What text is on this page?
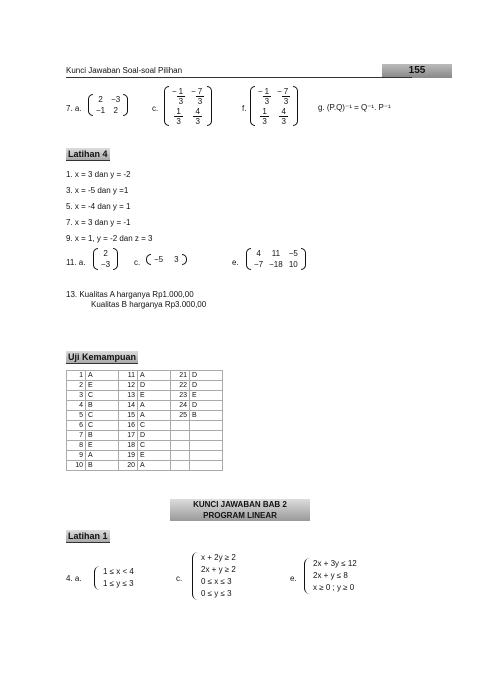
Kunci Jawaban Soal-soal Pilihan	155
7. a.
2	−3
−1	2	c.
− $\frac{1}{3}$	− $\frac{7}{3}$

$\frac{1}{3}$	$\frac{4}{3}$	f.
− $\frac{1}{3}$	− $\frac{7}{3}$

$\frac{1}{3}$	$\frac{4}{3}$	g. (P.Q)⁻¹ = Q⁻¹. P⁻¹
Latihan 4
1. x = 3 dan y = -2
3. x = -5 dan y =1
5. x = -4 dan y = 1
7. x = 3 dan y = -1
9. x = 1, y = -2 dan z = 3
11. a.
2
−3	c. −5	3	e.
4	11	−5
−7	−18	10
13. Kualitas A harganya Rp1.000,00
Kualitas B harganya Rp3.000,00
Uji Kemampuan
1	A	11	A	21	D
2	E	12	D	22	D
3	C	13	E	23	E
4	B	14	A	24	D
5	C	15	A	25	B
6	C	16	C		
7	B	17	D		
8	E	18	C		
9	A	19	E		
10	B	20	A		
KUNCI JAWABAN BAB 2
PROGRAM LINEAR
Latihan 1
4. a.
1 ≤ x < 4
1 ≤ y ≤ 3
c.
x + 2y ≥ 2
2x + y ≥ 2
0 ≤ x ≤ 3
0 ≤ y ≤ 3
e.
2x + 3y ≤ 12
2x + y ≤ 8
x ≥ 0 ; y ≥ 0
